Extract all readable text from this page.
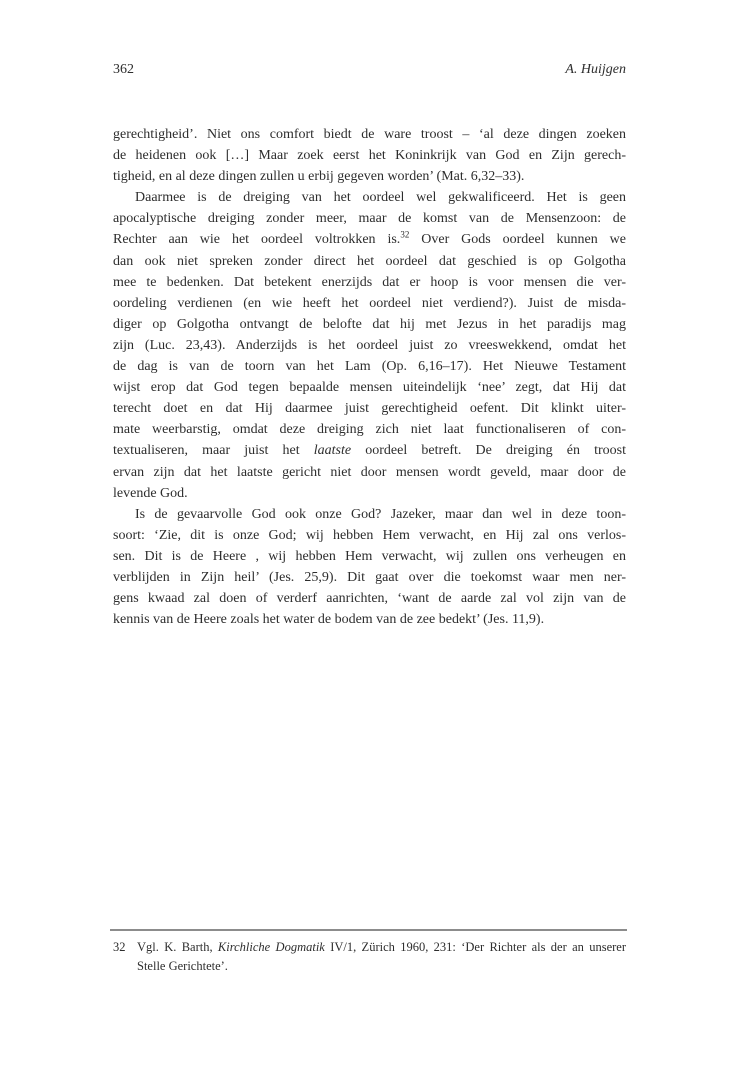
362	A. Huijgen
gerechtigheid’. Niet ons comfort biedt de ware troost – ‘al deze dingen zoeken
de heidenen ook […] Maar zoek eerst het Koninkrijk van God en Zijn gerech-
tigheid, en al deze dingen zullen u erbij gegeven worden’ (Mat. 6,32–33).
Daarmee is de dreiging van het oordeel wel gekwalificeerd. Het is geen
apocalyptische dreiging zonder meer, maar de komst van de Mensenzoon: de
Rechter aan wie het oordeel voltrokken is.$^{32}$ Over Gods oordeel kunnen we
dan ook niet spreken zonder direct het oordeel dat geschied is op Golgotha
mee te bedenken. Dat betekent enerzijds dat er hoop is voor mensen die ver-
oordeling verdienen (en wie heeft het oordeel niet verdiend?). Juist de misda-
diger op Golgotha ontvangt de belofte dat hij met Jezus in het paradijs mag
zijn (Luc. 23,43). Anderzijds is het oordeel juist zo vreeswekkend, omdat het
de dag is van de toorn van het Lam (Op. 6,16–17). Het Nieuwe Testament
wijst erop dat God tegen bepaalde mensen uiteindelijk ‘nee’ zegt, dat Hij dat
terecht doet en dat Hij daarmee juist gerechtigheid oefent. Dit klinkt uiter-
mate weerbarstig, omdat deze dreiging zich niet laat functionaliseren of con-
textualiseren, maar juist het laatste oordeel betreft. De dreiging én troost
ervan zijn dat het laatste gericht niet door mensen wordt geveld, maar door de
levende God.
Is de gevaarvolle God ook onze God? Jazeker, maar dan wel in deze toon-
soort: ‘Zie, dit is onze God; wij hebben Hem verwacht, en Hij zal ons verlos-
sen. Dit is de Heere , wij hebben Hem verwacht, wij zullen ons verheugen en
verblijden in Zijn heil’ (Jes. 25,9). Dit gaat over die toekomst waar men ner-
gens kwaad zal doen of verderf aanrichten, ‘want de aarde zal vol zijn van de
kennis van de Heere zoals het water de bodem van de zee bedekt’ (Jes. 11,9).
32 Vgl. K. Barth, Kirchliche Dogmatik IV/1, Zürich 1960, 231: ‘Der Richter als der an unserer
Stelle Gerichtete’.
